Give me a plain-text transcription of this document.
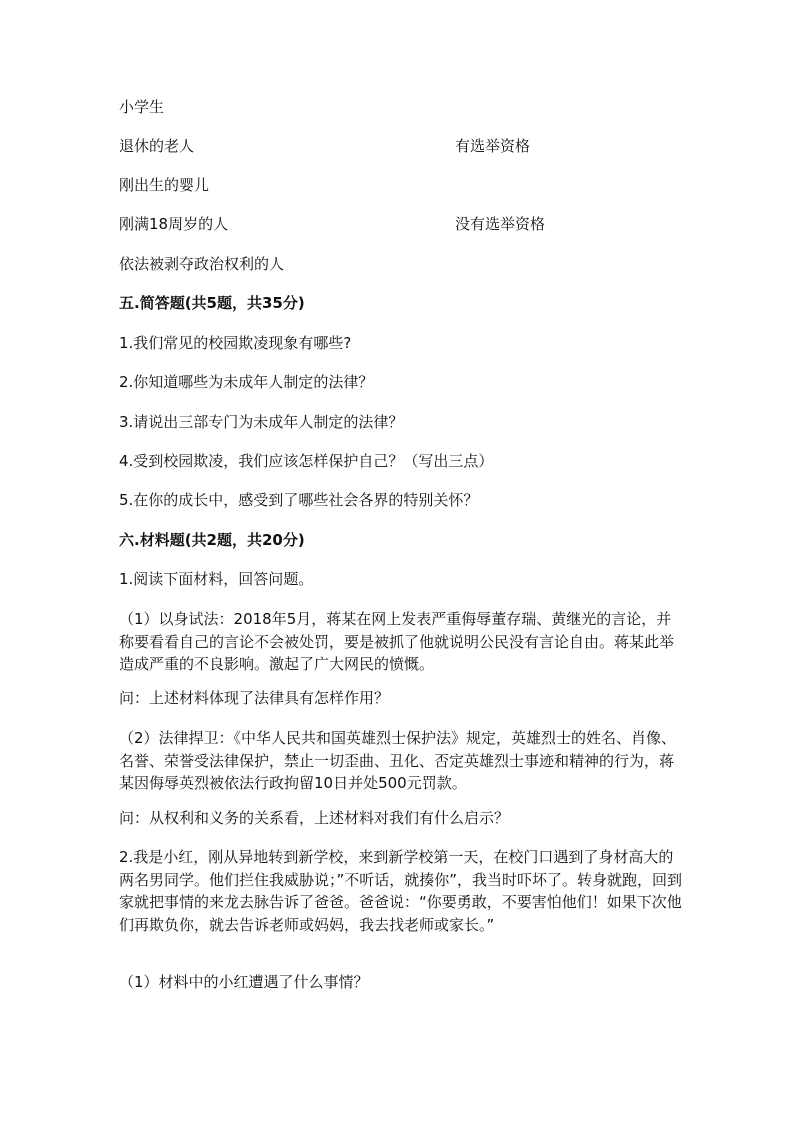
小学生
退休的老人	有选举资格
刚出生的婴儿
刚满18周岁的人	没有选举资格
依法被剥夺政治权利的人
五.简答题(共5题，共35分)
1.我们常见的校园欺凌现象有哪些?
2.你知道哪些为未成年人制定的法律？
3.请说出三部专门为未成年人制定的法律？
4.受到校园欺凌，我们应该怎样保护自己？（写出三点）
5.在你的成长中，感受到了哪些社会各界的特别关怀？
六.材料题(共2题，共20分)
1.阅读下面材料，回答问题。
（1）以身试法：2018年5月，蒋某在网上发表严重侮辱董存瑞、黄继光的言论，并称要看看自己的言论不会被处罚，要是被抓了他就说明公民没有言论自由。蒋某此举造成严重的不良影响。激起了广大网民的愤慨。
问：上述材料体现了法律具有怎样作用？
（2）法律捍卫：《中华人民共和国英雄烈士保护法》规定，英雄烈士的姓名、肖像、名誉、荣誉受法律保护，禁止一切歪曲、丑化、否定英雄烈士事迹和精神的行为，蒋某因侮辱英烈被依法行政拘留10日并处500元罚款。
问：从权利和义务的关系看，上述材料对我们有什么启示？
2.我是小红，刚从异地转到新学校，来到新学校第一天，在校门口遇到了身材高大的两名男同学。他们拦住我威胁说；”不听话，就揍你”，我当时吓坏了。转身就跑，回到家就把事情的来龙去脉告诉了爸爸。爸爸说：“你要勇敢，不要害怕他们！如果下次他们再欺负你，就去告诉老师或妈妈，我去找老师或家长。”
（1）材料中的小红遭遇了什么事情？
